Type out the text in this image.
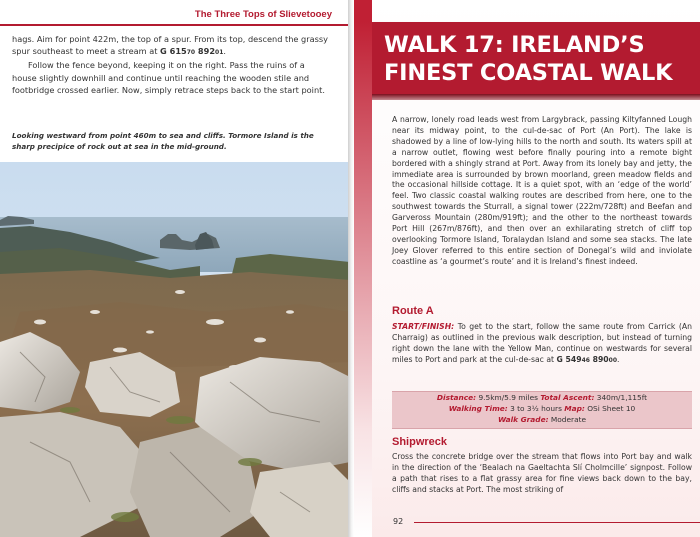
The Three Tops of Slievetooey

hags. Aim for point 422m, the top of a spur. From its top, descend the grassy spur southeast to meet a stream at G 61570 89201.

Follow the fence beyond, keeping it on the right. Pass the ruins of a house slightly downhill and continue until reaching the wooden stile and footbridge crossed earlier. Now, simply retrace steps back to the start point.

Looking westward from point 460m to sea and cliffs. Tormore Island is the sharp precipice of rock out at sea in the mid-ground.
WALK 17: IRELAND’S FINEST COASTAL WALK

A narrow, lonely road leads west from Largybrack, passing Kiltyfanned Lough near its midway point, to the cul-de-sac of Port (An Port). The lake is shadowed by a line of low-lying hills to the north and south. Its waters spill at a narrow outlet, flowing west before finally pouring into a remote bight bordered with a shingly strand at Port. Away from its lonely bay and jetty, the immediate area is surrounded by brown moorland, green meadow fields and the occasional hillside cottage. It is a quiet spot, with an ‘edge of the world’ feel. Two classic coastal walking routes are described from here, one to the southwest towards the Sturrall, a signal tower (222m/728ft) and Beefan and Garveross Mountain (280m/919ft); and the other to the northeast towards Port Hill (267m/876ft), and then over an exhilarating stretch of cliff top overlooking Tormore Island, Toralaydan Island and some sea stacks. The late Joey Glover referred to this entire section of Donegal’s wild and inviolate coastline as ‘a gourmet’s route’ and it is Ireland’s finest indeed.

Route A
START/FINISH: To get to the start, follow the same route from Carrick (An Charraig) as outlined in the previous walk description, but instead of turning right down the lane with the Yellow Man, continue on westwards for several miles to Port and park at the cul-de-sac at G 54946 89000.
Distance: 9.5km/5.9 miles Total Ascent: 340m/1,115ft
Walking Time: 3 to 3½ hours Map: OSi Sheet 10
Walk Grade: Moderate
Shipwreck
Cross the concrete bridge over the stream that flows into Port bay and walk in the direction of the ‘Bealach na Gaeltachta Slí Cholmcille’ signpost. Follow a path that rises to a flat grassy area for fine views back down to the bay, cliffs and stacks at Port. The most striking of
92
